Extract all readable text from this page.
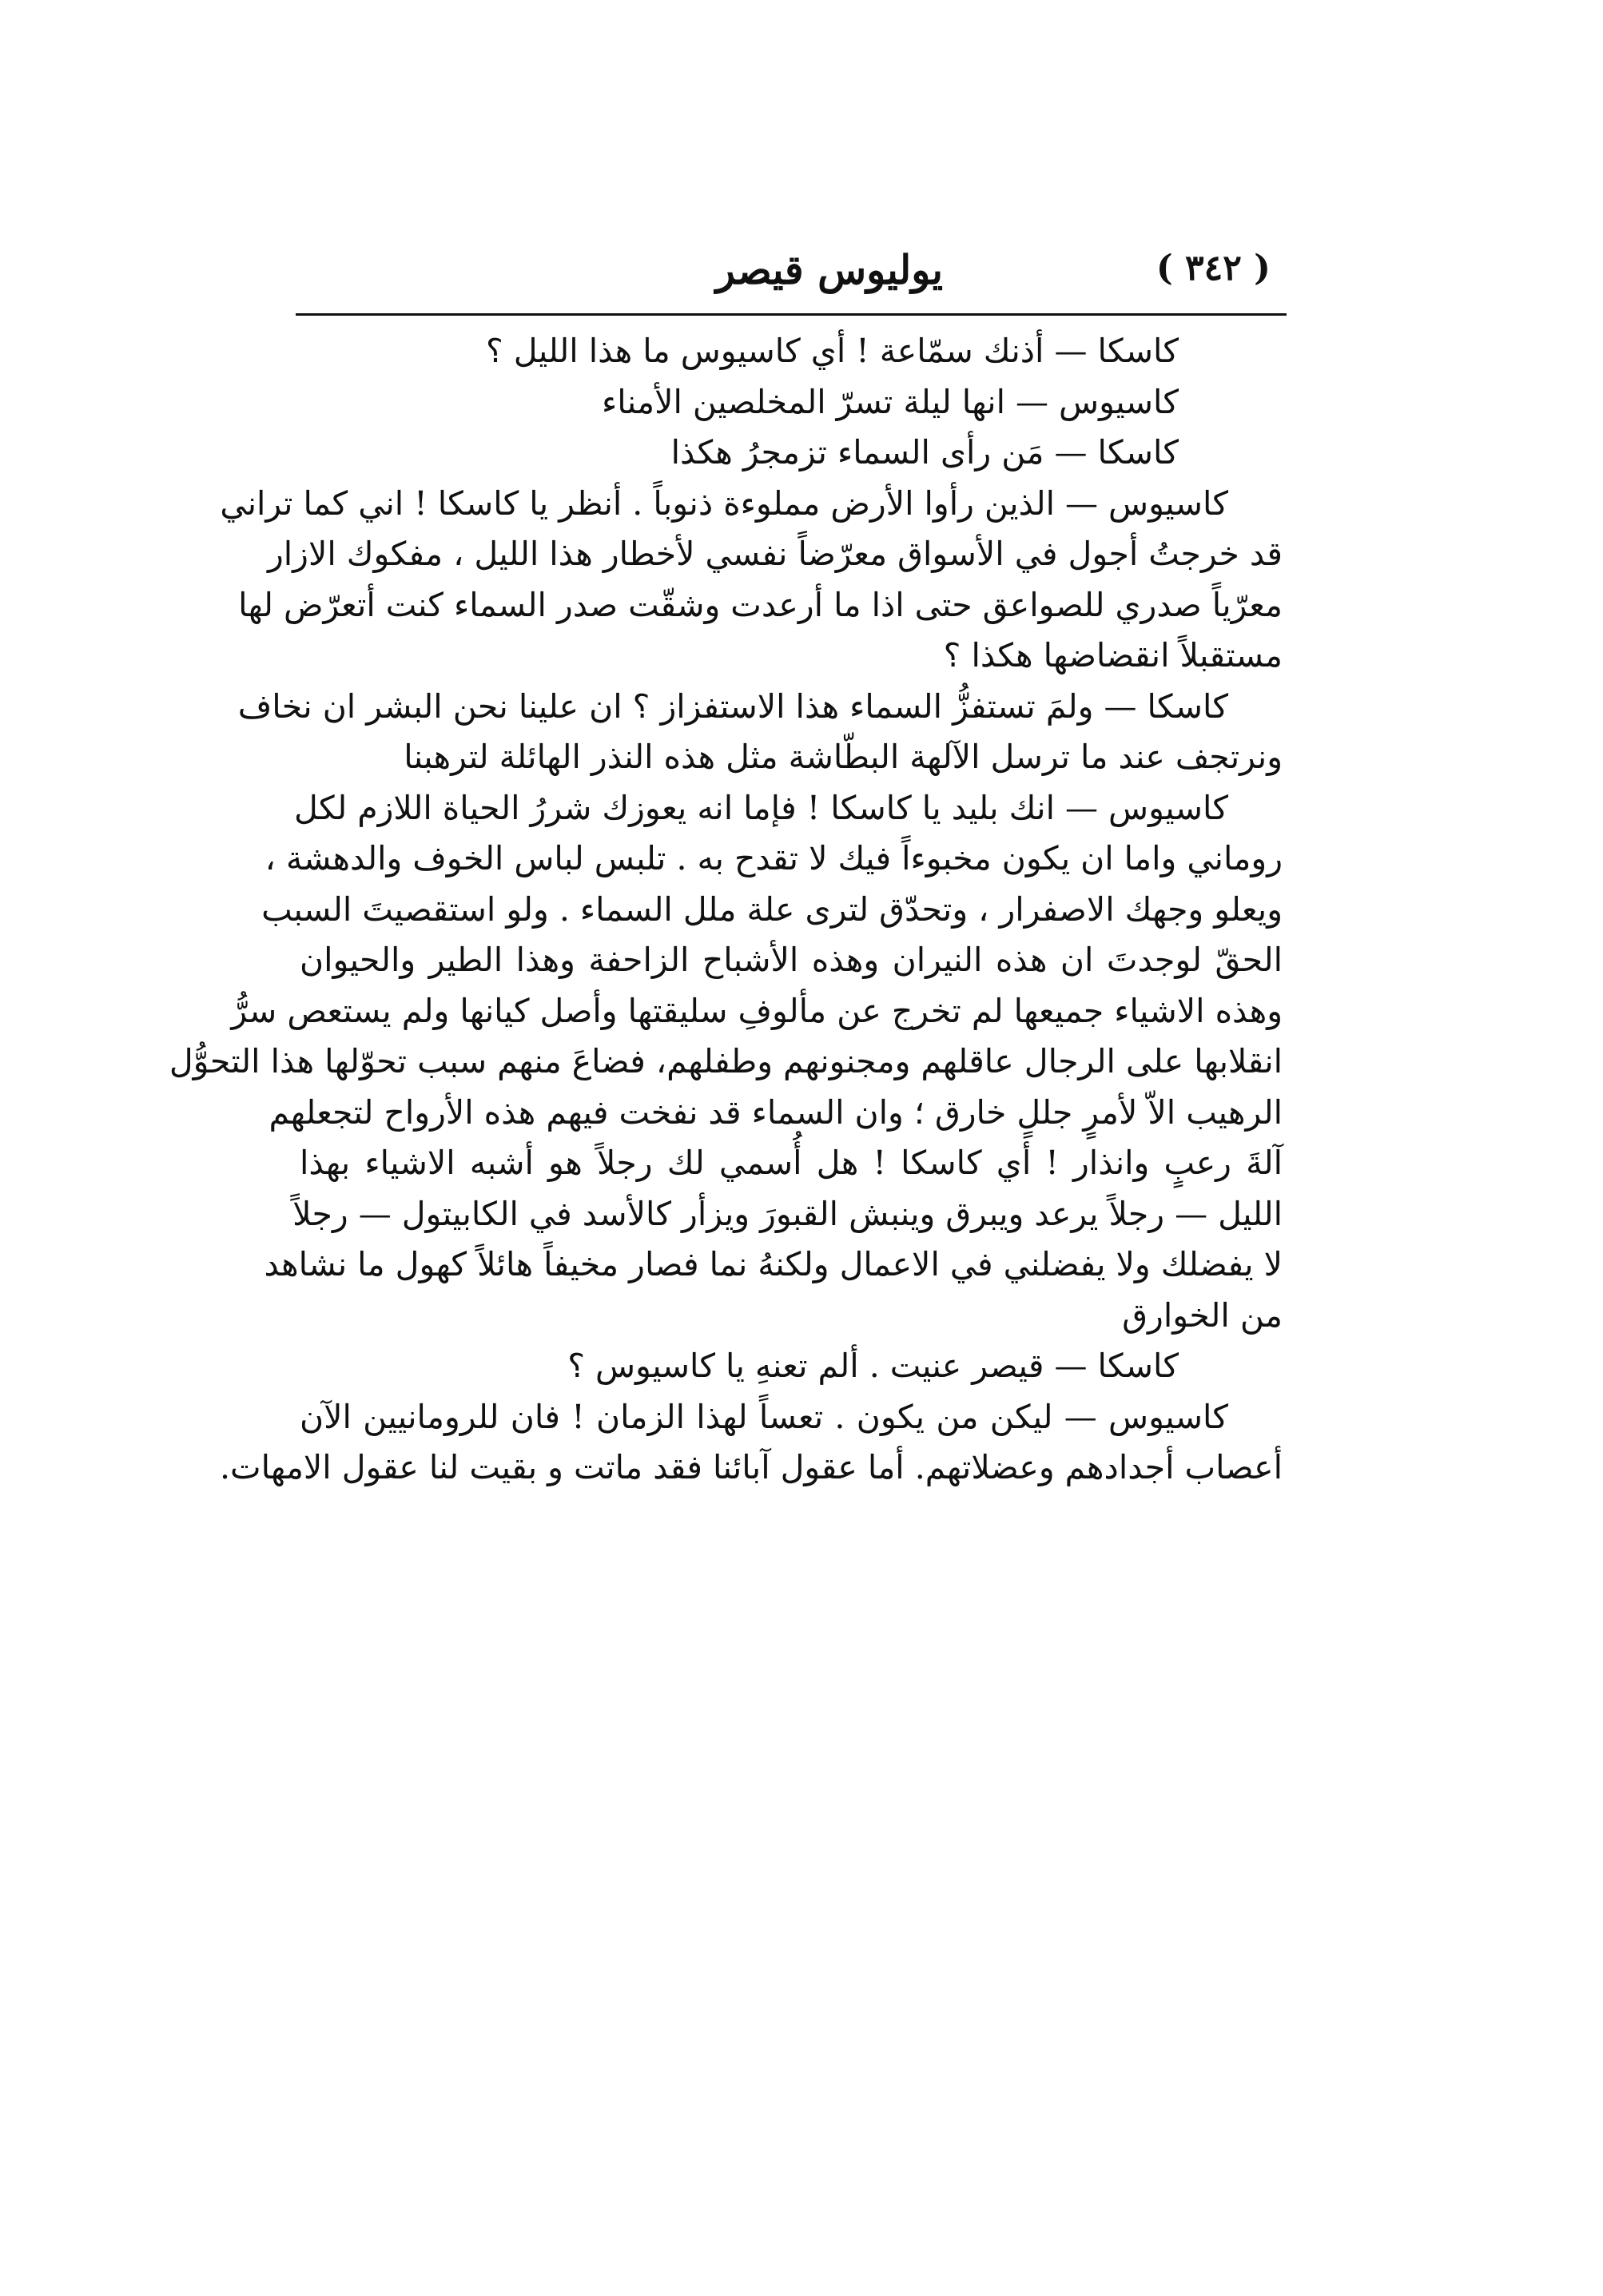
( ٣٤٢ )
يوليوس قيصر
كاسكا — أذنك سمّاعة ! أي كاسيوس ما هذا الليل ؟
كاسيوس — انها ليلة تسرّ المخلصين الأمناء
كاسكا — مَن رأى السماء تزمجرُ هكذا
كاسيوس — الذين رأوا الأرض مملوءة ذنوباً . أنظر يا كاسكا ! اني كما تراني
قد خرجتُ أجول في الأسواق معرّضاً نفسي لأخطار هذا الليل ، مفكوك الازار
معرّياً صدري للصواعق حتى اذا ما أرعدت وشقّت صدر السماء كنت أتعرّض لها
مستقبلاً انقضاضها هكذا ؟
كاسكا — ولمَ تستفزُّ السماء هذا الاستفزاز ؟ ان علينا نحن البشر ان نخاف
ونرتجف عند ما ترسل الآلهة البطّاشة مثل هذه النذر الهائلة لترهبنا
كاسيوس — انك بليد يا كاسكا ! فإما انه يعوزك شررُ الحياة اللازم لكل
روماني واما ان يكون مخبوءاً فيك لا تقدح به . تلبس لباس الخوف والدهشة ،
ويعلو وجهك الاصفرار ، وتحدّق لترى علة ملل السماء . ولو استقصيتَ السبب
الحقّ لوجدتَ ان هذه النيران وهذه الأشباح الزاحفة وهذا الطير والحيوان
وهذه الاشياء جميعها لم تخرج عن مألوفِ سليقتها وأصل كيانها ولم يستعص سرُّ
انقلابها على الرجال عاقلهم ومجنونهم وطفلهم، فضاعَ منهم سبب تحوّلها هذا التحوُّل
الرهيب الاّ لأمرٍ جللٍ خارق ؛ وان السماء قد نفخت فيهم هذه الأرواح لتجعلهم
آلةَ رعبٍ وانذار ! أي كاسكا ! هل أُسمي لك رجلاً هو أشبه الاشياء بهذا
الليل — رجلاً يرعد ويبرق وينبش القبورَ ويزأر كالأسد في الكابيتول — رجلاً
لا يفضلك ولا يفضلني في الاعمال ولكنهُ نما فصار مخيفاً هائلاً كهول ما نشاهد
من الخوارق
كاسكا — قيصر عنيت . ألم تعنهِ يا كاسيوس ؟
كاسيوس — ليكن من يكون . تعساً لهذا الزمان ! فان للرومانيين الآن
أعصاب أجدادهم وعضلاتهم. أما عقول آبائنا فقد ماتت و بقيت لنا عقول الامهات.
